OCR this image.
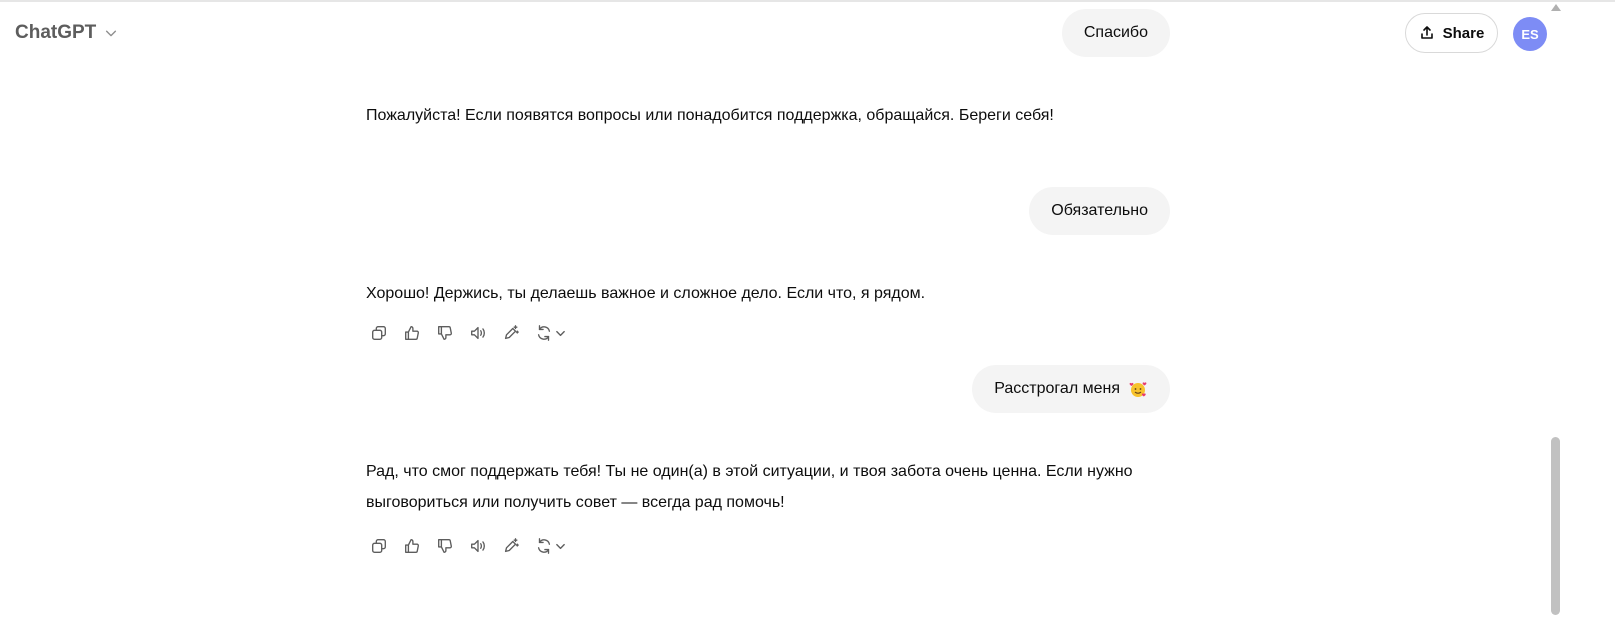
ChatGPT	Share	ES
Спасибо
Пожалуйста! Если появятся вопросы или понадобится поддержка, обращайся. Береги себя!
Обязательно
Хорошо! Держись, ты делаешь важное и сложное дело. Если что, я рядом.
Расстрогал меня
Рад, что смог поддержать тебя! Ты не один(а) в этой ситуации, и твоя забота очень ценна. Если нужно выговориться или получить совет — всегда рад помочь!
